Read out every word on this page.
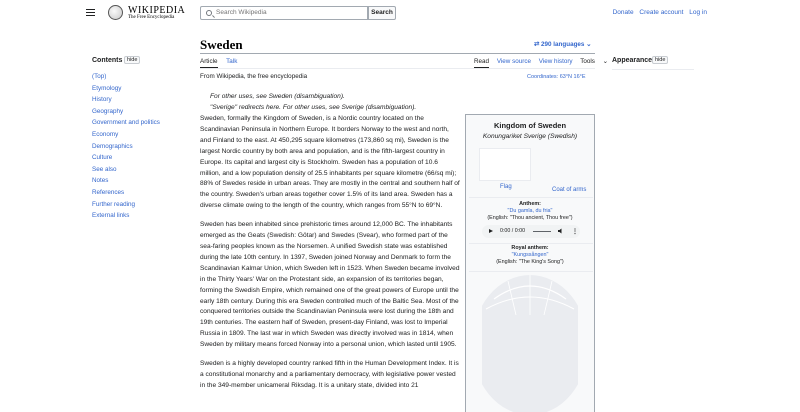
WIKIPEDIA
The Free Encyclopedia
Search Wikipedia
Search	Donate Create account Log in
Contents hide
(Top)
Etymology
History
Geography
Government and politics
Economy
Demographics
Culture
See also
Notes
References
Further reading
External links
Sweden	⇄ 290 languages ⌄
Article Talk	Read View source View history Tools ⌄
From Wikipedia, the free encyclopedia	Coordinates: 63°N 16°E
Appearance hide
For other uses, see Sweden (disambiguation).
"Sverige" redirects here. For other uses, see Sverige (disambiguation).

Sweden, formally the Kingdom of Sweden, is a Nordic country located on the Scandinavian Peninsula in Northern Europe. It borders Norway to the west and north, and Finland to the east. At 450,295 square kilometres (173,860 sq mi), Sweden is the largest Nordic country by both area and population, and is the fifth-largest country in Europe. Its capital and largest city is Stockholm. Sweden has a population of 10.6 million, and a low population density of 25.5 inhabitants per square kilometre (66/sq mi); 88% of Swedes reside in urban areas. They are mostly in the central and southern half of the country. Sweden's urban areas together cover 1.5% of its land area. Sweden has a diverse climate owing to the length of the country, which ranges from 55°N to 69°N.

Sweden has been inhabited since prehistoric times around 12,000 BC. The inhabitants emerged as the Geats (Swedish: Götar) and Swedes (Svear), who formed part of the sea-faring peoples known as the Norsemen. A unified Swedish state was established during the late 10th century. In 1397, Sweden joined Norway and Denmark to form the Scandinavian Kalmar Union, which Sweden left in 1523. When Sweden became involved in the Thirty Years' War on the Protestant side, an expansion of its territories began, forming the Swedish Empire, which remained one of the great powers of Europe until the early 18th century. During this era Sweden controlled much of the Baltic Sea. Most of the conquered territories outside the Scandinavian Peninsula were lost during the 18th and 19th centuries. The eastern half of Sweden, present-day Finland, was lost to Imperial Russia in 1809. The last war in which Sweden was directly involved was in 1814, when Sweden by military means forced Norway into a personal union, which lasted until 1905.

Sweden is a highly developed country ranked fifth in the Human Development Index. It is a constitutional monarchy and a parliamentary democracy, with legislative power vested in the 349-member unicameral Riksdag. It is a unitary state, divided into 21

Kingdom of Sweden
Konungariket Sverige (Swedish)
Flag	Coat of arms
Anthem:
"Du gamla, du fria"
(English: "Thou ancient, Thou free")
0:00 / 0:00	⋮
Royal anthem:
"Kungssången"
(English: "The King's Song")
